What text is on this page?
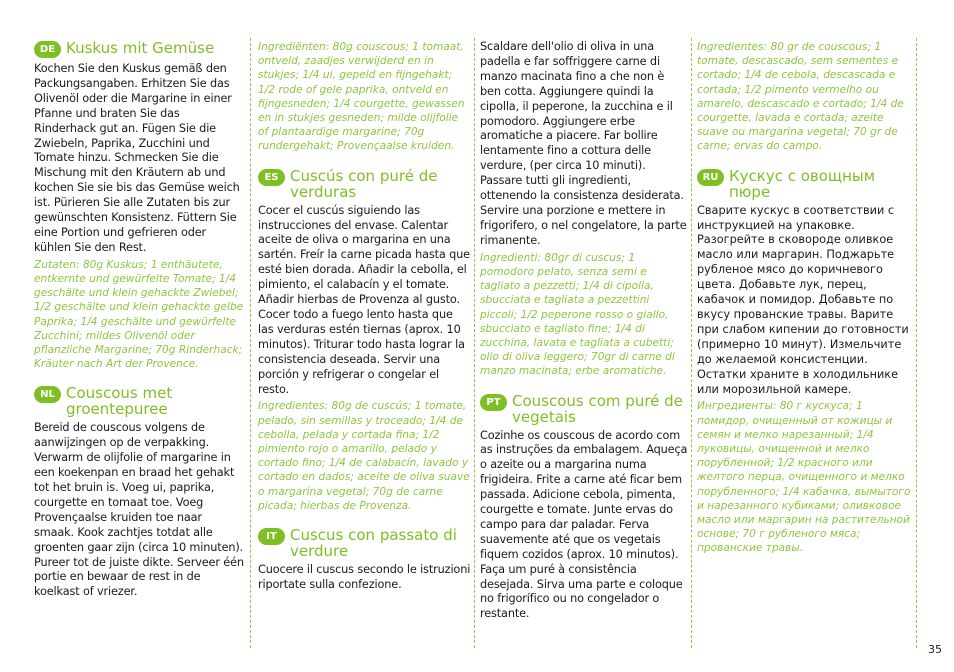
DE Kuskus mit Gemüse
Kochen Sie den Kuskus gemäß den Packungsangaben. Erhitzen Sie das Olivenöl oder die Margarine in einer Pfanne und braten Sie das Rinderhack gut an. Fügen Sie die Zwiebeln, Paprika, Zucchini und Tomate hinzu. Schmecken Sie die Mischung mit den Kräutern ab und kochen Sie sie bis das Gemüse weich ist. Pürieren Sie alle Zutaten bis zur gewünschten Konsistenz. Füttern Sie eine Portion und gefrieren oder kühlen Sie den Rest.
Zutaten: 80g Kuskus; 1 enthäutete, entkernte und gewürfelte Tomate; 1/4 geschälte und klein gehackte Zwiebel; 1/2 geschälte und klein gehackte gelbe Paprika; 1/4 geschälte und gewürfelte Zucchini; mildes Olivenöl oder pflanzliche Margarine; 70g Rinderhack; Kräuter nach Art der Provence.
NL Couscous met groentepuree
Bereid de couscous volgens de aanwijzingen op de verpakking. Verwarm de olijfolie of margarine in een koekenpan en braad het gehakt tot het bruin is. Voeg ui, paprika, courgette en tomaat toe. Voeg Provençaalse kruiden toe naar smaak. Kook zachtjes totdat alle groenten gaar zijn (circa 10 minuten). Pureer tot de juiste dikte. Serveer één portie en bewaar de rest in de koelkast of vriezer.
Ingrediënten: 80g couscous; 1 tomaat, ontveld, zaadjes verwijderd en in stukjes; 1/4 ui, gepeld en fijngehakt; 1/2 rode of gele paprika, ontveld en fijngesneden; 1/4 courgette, gewassen en in stukjes gesneden; milde olijfolie of plantaardige margarine; 70g rundergehakt; Provençaalse kruiden.
ES Cuscús con puré de verduras
Cocer el cuscús siguiendo las instrucciones del envase. Calentar aceite de oliva o margarina en una sartén. Freír la carne picada hasta que esté bien dorada. Añadir la cebolla, el pimiento, el calabacín y el tomate. Añadir hierbas de Provenza al gusto. Cocer todo a fuego lento hasta que las verduras estén tiernas (aprox. 10 minutos). Triturar todo hasta lograr la consistencia deseada. Servir una porción y refrigerar o congelar el resto.
Ingredientes: 80g de cuscús; 1 tomate, pelado, sin semillas y troceado; 1/4 de cebolla, pelada y cortada fina; 1/2 pimiento rojo o amarillo, pelado y cortado fino; 1/4 de calabacín, lavado y cortado en dados; aceite de oliva suave o margarina vegetal; 70g de carne picada; hierbas de Provenza.
IT Cuscus con passato di verdure
Cuocere il cuscus secondo le istruzioni riportate sulla confezione.
Scaldare dell'olio di oliva in una padella e far soffriggere carne di manzo macinata fino a che non è ben cotta. Aggiungere quindi la cipolla, il peperone, la zucchina e il pomodoro. Aggiungere erbe aromatiche a piacere. Far bollire lentamente fino a cottura delle verdure, (per circa 10 minuti). Passare tutti gli ingredienti, ottenendo la consistenza desiderata. Servire una porzione e mettere in frigorifero, o nel congelatore, la parte rimanente.
Ingredienti: 80gr di cuscus; 1 pomodoro pelato, senza semi e tagliato a pezzetti; 1/4 di cipolla, sbucciata e tagliata a pezzettini piccoli; 1/2 peperone rosso o giallo, sbucciato e tagliato fine; 1/4 di zucchina, lavata e tagliata a cubetti; olio di oliva leggero; 70gr di carne di manzo macinata; erbe aromatiche.
PT Couscous com puré de vegetais
Cozinhe os couscous de acordo com as instruções da embalagem. Aqueça o azeite ou a margarina numa frigideira. Frite a carne até ficar bem passada. Adicione cebola, pimenta, courgette e tomate. Junte ervas do campo para dar paladar. Ferva suavemente até que os vegetais fiquem cozidos (aprox. 10 minutos). Faça um puré à consistência desejada. Sirva uma parte e coloque no frigorífico ou no congelador o restante.
Ingredientes: 80 gr de couscous; 1 tomate, descascado, sem sementes e cortado; 1/4 de cebola, descascada e cortada; 1/2 pimento vermelho ou amarelo, descascado e cortado; 1/4 de courgette, lavada e cortada; azeite suave ou margarina vegetal; 70 gr de carne; ervas do campo.
RU Кускус с овощным пюре
Сварите кускус в соответствии с инструкцией на упаковке. Разогрейте в сковороде оливкое масло или маргарин. Поджарьте рубленое мясо до коричневого цвета. Добавьте лук, перец, кабачок и помидор. Добавьте по вкусу прованские травы. Варите при слабом кипении до готовности (примерно 10 минут). Измельчите до желаемой консистенции. Остатки храните в холодильнике или морозильной камере.
Ингредиенты: 80 г кускуса; 1 помидор, очищенный от кожицы и семян и мелко нарезанный; 1/4 луковицы, очищенной и мелко порубленной; 1/2 красного или желтого перца, очищенного и мелко порубленного; 1/4 кабачка, вымытого и нарезанного кубиками; оливковое масло или маргарин на растительной основе; 70 г рубленого мяса; прованские травы.
35
